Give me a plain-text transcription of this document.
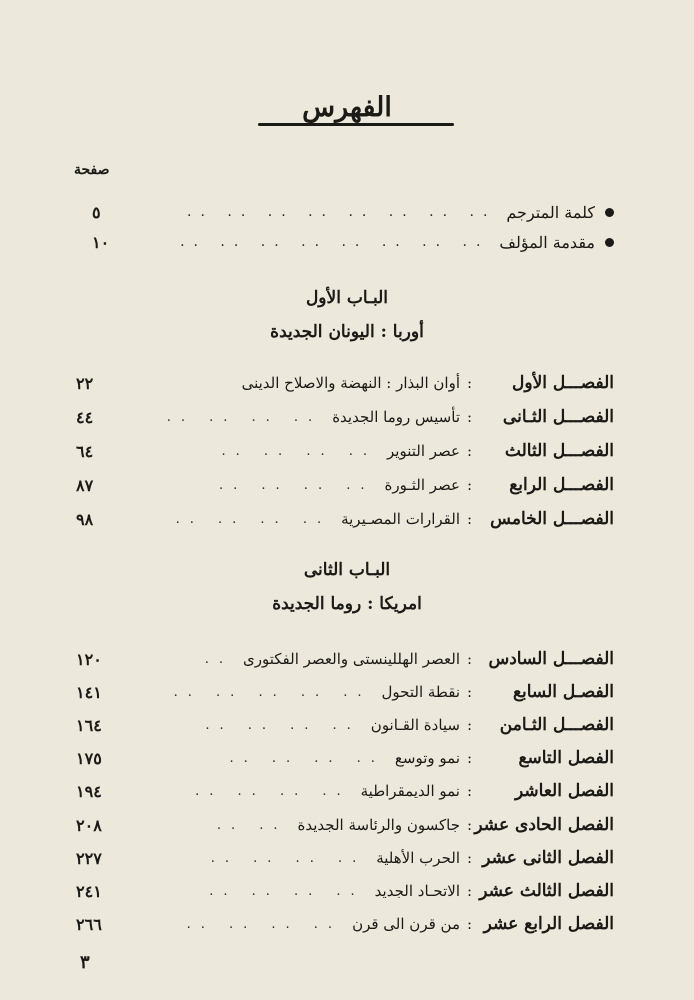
الفهرس
صفحة
كلمة المترجم
.. .. .. .. .. .. .. ..
٥
مقدمة المؤلف
.. .. .. .. .. .. .. ..
١٠
البـاب الأول
أوربا : اليونان الجديدة
الفصـــل الأول
:
أوان البذار : النهضة والاصلاح الدينى
٢٢
الفصـــل الثـانى
:
تأسيس روما الجديدة
.. .. .. ..
٤٤
الفصـــل الثالث
:
عصر التنوير
.. .. .. ..
٦٤
الفصـــل الرابع
:
عصر الثـورة
.. .. .. ..
٨٧
الفصـــل الخامس
:
القرارات المصـيرية
.. .. .. ..
٩٨
البـاب الثانى
امريكا : روما الجديدة
الفصـــل السادس
:
العصر الهللينستى والعصر الفكتورى
..
١٢٠
الفصـل السابع
:
نقطة التحول
.. .. .. .. ..
١٤١
الفصـــل الثـامن
:
سيادة القـانون
.. .. .. ..
١٦٤
الفصل التاسع
:
نمو وتوسع
.. .. .. ..
١٧٥
الفصل العاشر
:
نمو الديمقراطية
.. .. .. ..
١٩٤
الفصل الحادى عشر
:
جاكسون والرئاسة الجديدة
.. ..
٢٠٨
الفصل الثانى عشر
:
الحرب الأهلية
.. .. .. ..
٢٢٧
الفصل الثالث عشر
:
الاتحـاد الجديد
.. .. .. ..
٢٤١
الفصل الرابع عشر
:
من قرن الى قرن
.. .. .. ..
٢٦٦
٣
